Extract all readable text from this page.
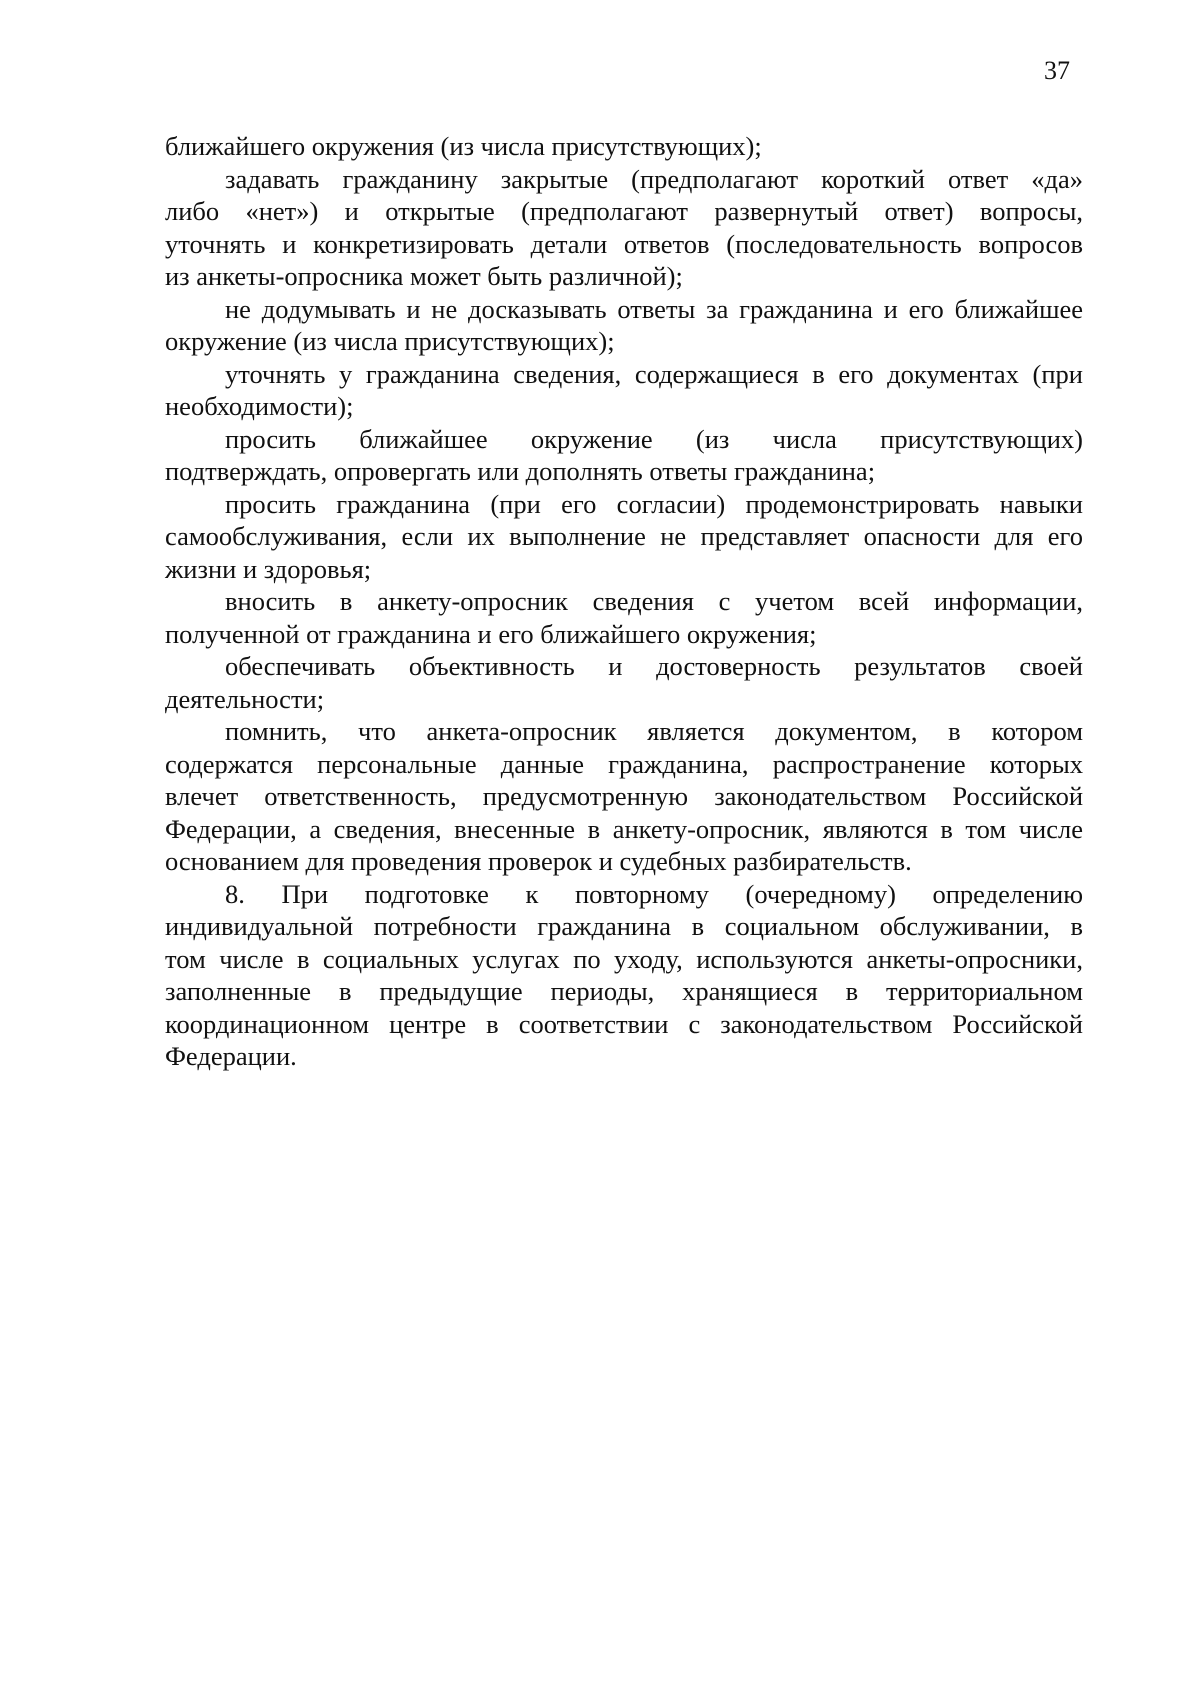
37

ближайшего окружения (из числа присутствующих);

задавать гражданину закрытые (предполагают короткий ответ «да»
либо «нет») и открытые (предполагают развернутый ответ) вопросы,
уточнять и конкретизировать детали ответов (последовательность вопросов
из анкеты-опросника может быть различной);

не додумывать и не досказывать ответы за гражданина и его ближайшее
окружение (из числа присутствующих);

уточнять у гражданина сведения, содержащиеся в его документах (при
необходимости);

просить ближайшее окружение (из числа присутствующих)
подтверждать, опровергать или дополнять ответы гражданина;

просить гражданина (при его согласии) продемонстрировать навыки
самообслуживания, если их выполнение не представляет опасности для его
жизни и здоровья;

вносить в анкету-опросник сведения с учетом всей информации,
полученной от гражданина и его ближайшего окружения;

обеспечивать объективность и достоверность результатов своей
деятельности;

помнить, что анкета-опросник является документом, в котором
содержатся персональные данные гражданина, распространение которых
влечет ответственность, предусмотренную законодательством Российской
Федерации, а сведения, внесенные в анкету-опросник, являются в том числе
основанием для проведения проверок и судебных разбирательств.

8. При подготовке к повторному (очередному) определению
индивидуальной потребности гражданина в социальном обслуживании, в
том числе в социальных услугах по уходу, используются анкеты-опросники,
заполненные в предыдущие периоды, хранящиеся в территориальном
координационном центре в соответствии с законодательством Российской
Федерации.
